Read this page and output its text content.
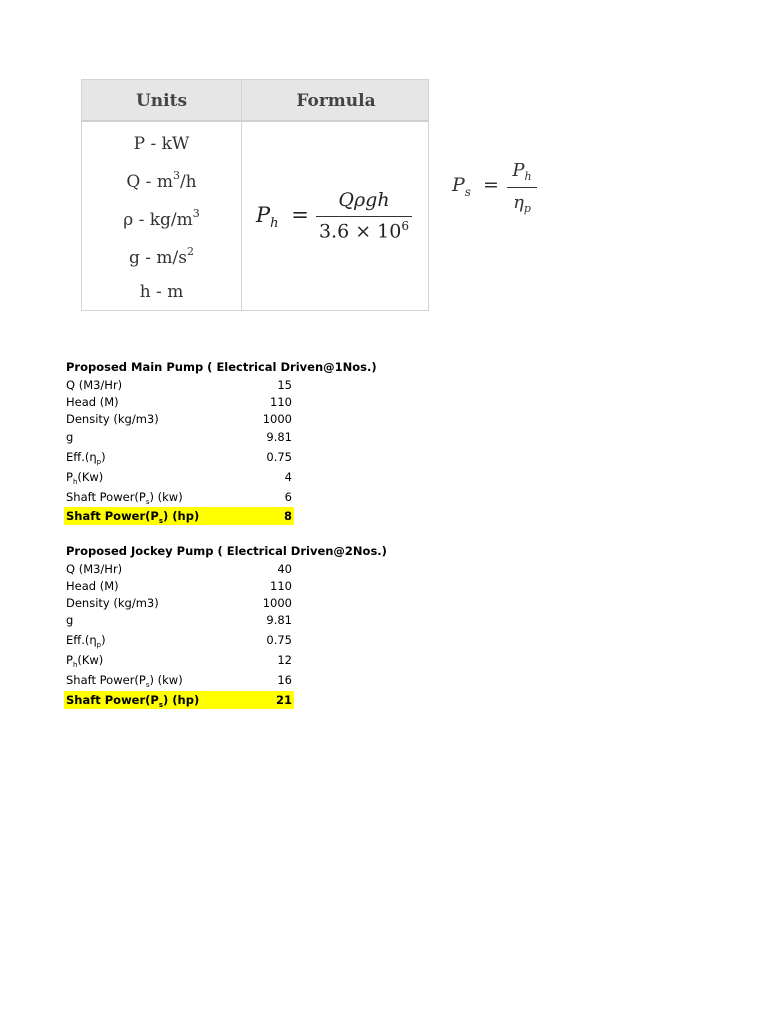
Units	Formula
P - kW
Q - $m^3/h$
ρ - $kg/m^3$
g - $m/s^2$
h - m
$P_h$ =
Qρgh
$3.6 \times 10^6$
$P_s$ =
$P_h$
$\eta_p$
Proposed Main Pump ( Electrical Driven@1Nos.)
Q (M3/Hr)	15
Head (M)	110
Density (kg/m3)	1000
g	9.81
$Eff.(\eta_p)$	0.75
$P_h(Kw)$	4
Shaft $Power(P_s)$ (kw)	6
Shaft $Power(P_s)$ (hp)	8
Proposed Jockey Pump ( Electrical Driven@2Nos.)
Q (M3/Hr)	40
Head (M)	110
Density (kg/m3)	1000
g	9.81
$Eff.(\eta_p)$	0.75
$P_h(Kw)$	12
Shaft $Power(P_s)$ (kw)	16
Shaft $Power(P_s)$ (hp)	21
